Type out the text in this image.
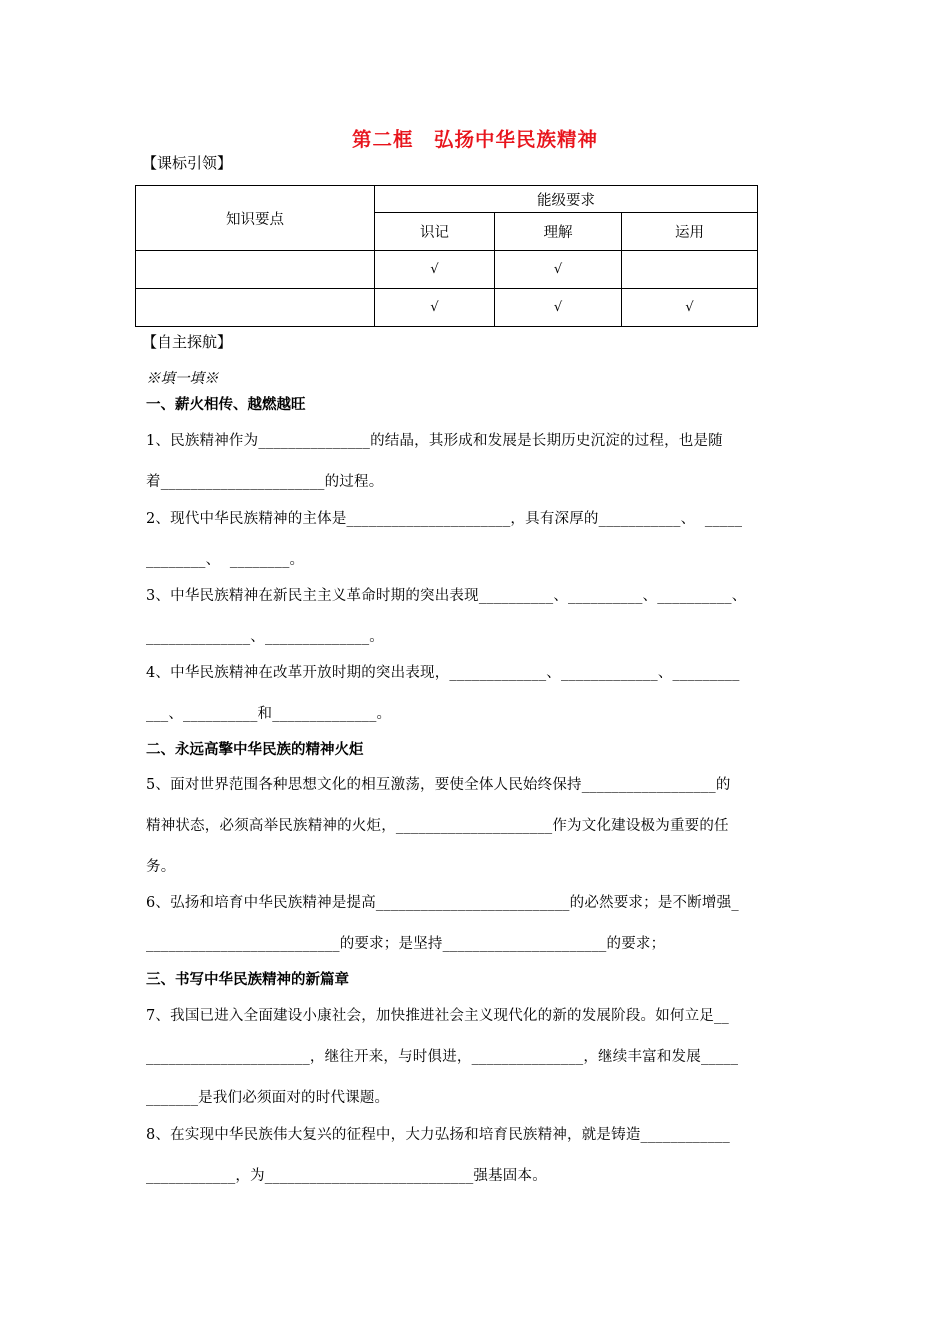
第二框　弘扬中华民族精神
【课标引领】
知识要点	能级要求		
	识记	理解	运用
	√	√	
	√	√	√
【自主探航】
※填一填※
一、薪火相传、越燃越旺
1、民族精神作为_______________的结晶，其形成和发展是长期历史沉淀的过程，也是随
着______________________的过程。
2、现代中华民族精神的主体是______________________，具有深厚的___________、  _____
________、  ________。
3、中华民族精神在新民主主义革命时期的突出表现__________、__________、__________、
______________、______________。
4、中华民族精神在改革开放时期的突出表现，_____________、_____________、_________
___、__________和______________。
二、永远高擎中华民族的精神火炬
5、面对世界范围各种思想文化的相互激荡，要使全体人民始终保持__________________的
精神状态，必须高举民族精神的火炬，_____________________作为文化建设极为重要的任
务。
6、弘扬和培育中华民族精神是提高__________________________的必然要求；是不断增强_
__________________________的要求；是坚持______________________的要求；
三、书写中华民族精神的新篇章
7、我国已进入全面建设小康社会，加快推进社会主义现代化的新的发展阶段。如何立足__
______________________，继往开来，与时俱进，_______________，继续丰富和发展_____
_______是我们必须面对的时代课题。
8、在实现中华民族伟大复兴的征程中，大力弘扬和培育民族精神，就是铸造____________
____________，为____________________________强基固本。
